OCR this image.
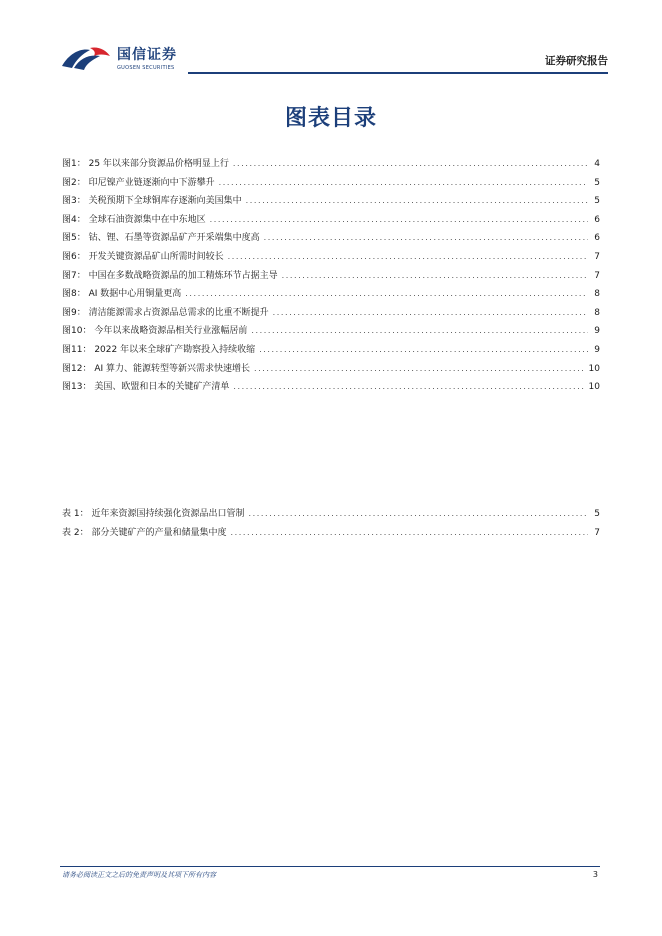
国信证券
GUOSEN SECURITIES
证券研究报告
图表目录
图1： 25 年以来部分资源品价格明显上行 .....	4
图2： 印尼镍产业链逐渐向中下游攀升 .....	5
图3： 关税预期下全球铜库存逐渐向美国集中 .....	5
图4： 全球石油资源集中在中东地区 .....	6
图5： 钴、锂、石墨等资源品矿产开采端集中度高 .....	6
图6： 开发关键资源品矿山所需时间较长 .....	7
图7： 中国在多数战略资源品的加工精炼环节占据主导 .....	7
图8： AI 数据中心用铜量更高 .....	8
图9： 清洁能源需求占资源品总需求的比重不断提升 .....	8
图10： 今年以来战略资源品相关行业涨幅居前 .....	9
图11： 2022 年以来全球矿产勘察投入持续收缩 .....	9
图12： AI 算力、能源转型等新兴需求快速增长 .....	10
图13： 美国、欧盟和日本的关键矿产清单 .....	10
表 1： 近年来资源国持续强化资源品出口管制 .....	5
表 2： 部分关键矿产的产量和储量集中度 .....	7
请务必阅读正文之后的免责声明及其项下所有内容	3
